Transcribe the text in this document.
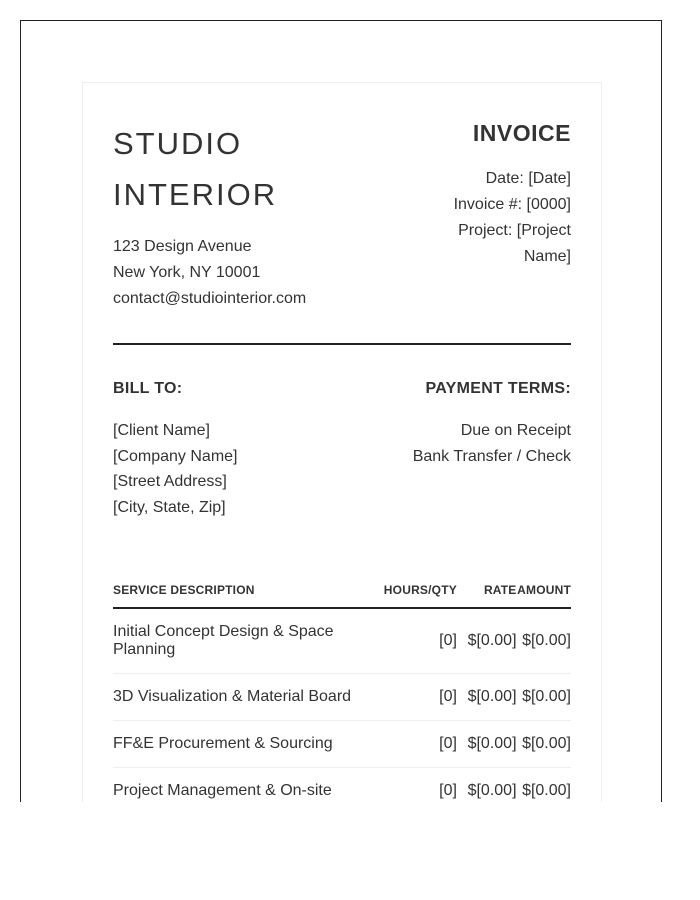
STUDIO
INTERIOR
123 Design Avenue
New York, NY 10001
contact@studiointerior.com
INVOICE
Date: [Date]
Invoice #: [0000]
Project: [Project
Name]
BILL TO:
[Client Name]
[Company Name]
[Street Address]
[City, State, Zip]
PAYMENT TERMS:
Due on Receipt
Bank Transfer / Check
SERVICE DESCRIPTION	HOURS/QTY	RATE	AMOUNT
Initial Concept Design & Space Planning	[0]	$[0.00]	$[0.00]
3D Visualization & Material Board	[0]	$[0.00]	$[0.00]
FF&E Procurement & Sourcing	[0]	$[0.00]	$[0.00]
Project Management & On-site	[0]	$[0.00]	$[0.00]
